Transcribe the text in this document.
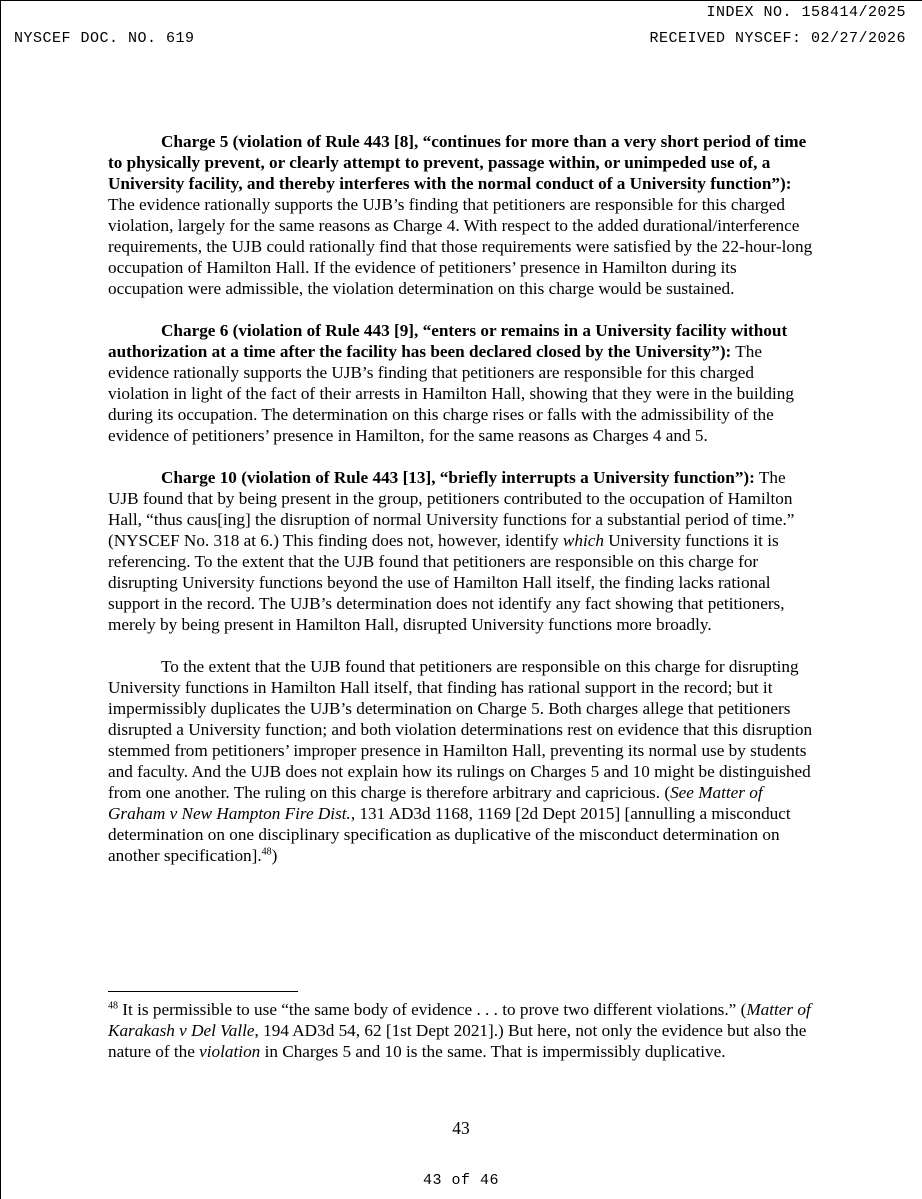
INDEX NO. 158414/2025
NYSCEF DOC. NO. 619	RECEIVED NYSCEF: 02/27/2026

Charge 5 (violation of Rule 443 [8], “continues for more than a very short period of time to physically prevent, or clearly attempt to prevent, passage within, or unimpeded use of, a University facility, and thereby interferes with the normal conduct of a University function”): The evidence rationally supports the UJB’s finding that petitioners are responsible for this charged violation, largely for the same reasons as Charge 4. With respect to the added durational/interference requirements, the UJB could rationally find that those requirements were satisfied by the 22-hour-long occupation of Hamilton Hall. If the evidence of petitioners’ presence in Hamilton during its occupation were admissible, the violation determination on this charge would be sustained.

Charge 6 (violation of Rule 443 [9], “enters or remains in a University facility without authorization at a time after the facility has been declared closed by the University”): The evidence rationally supports the UJB’s finding that petitioners are responsible for this charged violation in light of the fact of their arrests in Hamilton Hall, showing that they were in the building during its occupation. The determination on this charge rises or falls with the admissibility of the evidence of petitioners’ presence in Hamilton, for the same reasons as Charges 4 and 5.

Charge 10 (violation of Rule 443 [13], “briefly interrupts a University function”): The UJB found that by being present in the group, petitioners contributed to the occupation of Hamilton Hall, “thus caus[ing] the disruption of normal University functions for a substantial period of time.” (NYSCEF No. 318 at 6.) This finding does not, however, identify which University functions it is referencing. To the extent that the UJB found that petitioners are responsible on this charge for disrupting University functions beyond the use of Hamilton Hall itself, the finding lacks rational support in the record. The UJB’s determination does not identify any fact showing that petitioners, merely by being present in Hamilton Hall, disrupted University functions more broadly.

To the extent that the UJB found that petitioners are responsible on this charge for disrupting University functions in Hamilton Hall itself, that finding has rational support in the record; but it impermissibly duplicates the UJB’s determination on Charge 5. Both charges allege that petitioners disrupted a University function; and both violation determinations rest on evidence that this disruption stemmed from petitioners’ improper presence in Hamilton Hall, preventing its normal use by students and faculty. And the UJB does not explain how its rulings on Charges 5 and 10 might be distinguished from one another. The ruling on this charge is therefore arbitrary and capricious. (See Matter of Graham v New Hampton Fire Dist., 131 AD3d 1168, 1169 [2d Dept 2015] [annulling a misconduct determination on one disciplinary specification as duplicative of the misconduct determination on another specification].$^{48}$)

$^{48}$ It is permissible to use “the same body of evidence . . . to prove two different violations.” (Matter of Karakash v Del Valle, 194 AD3d 54, 62 [1st Dept 2021].) But here, not only the evidence but also the nature of the violation in Charges 5 and 10 is the same. That is impermissibly duplicative.
43
43 of 46
